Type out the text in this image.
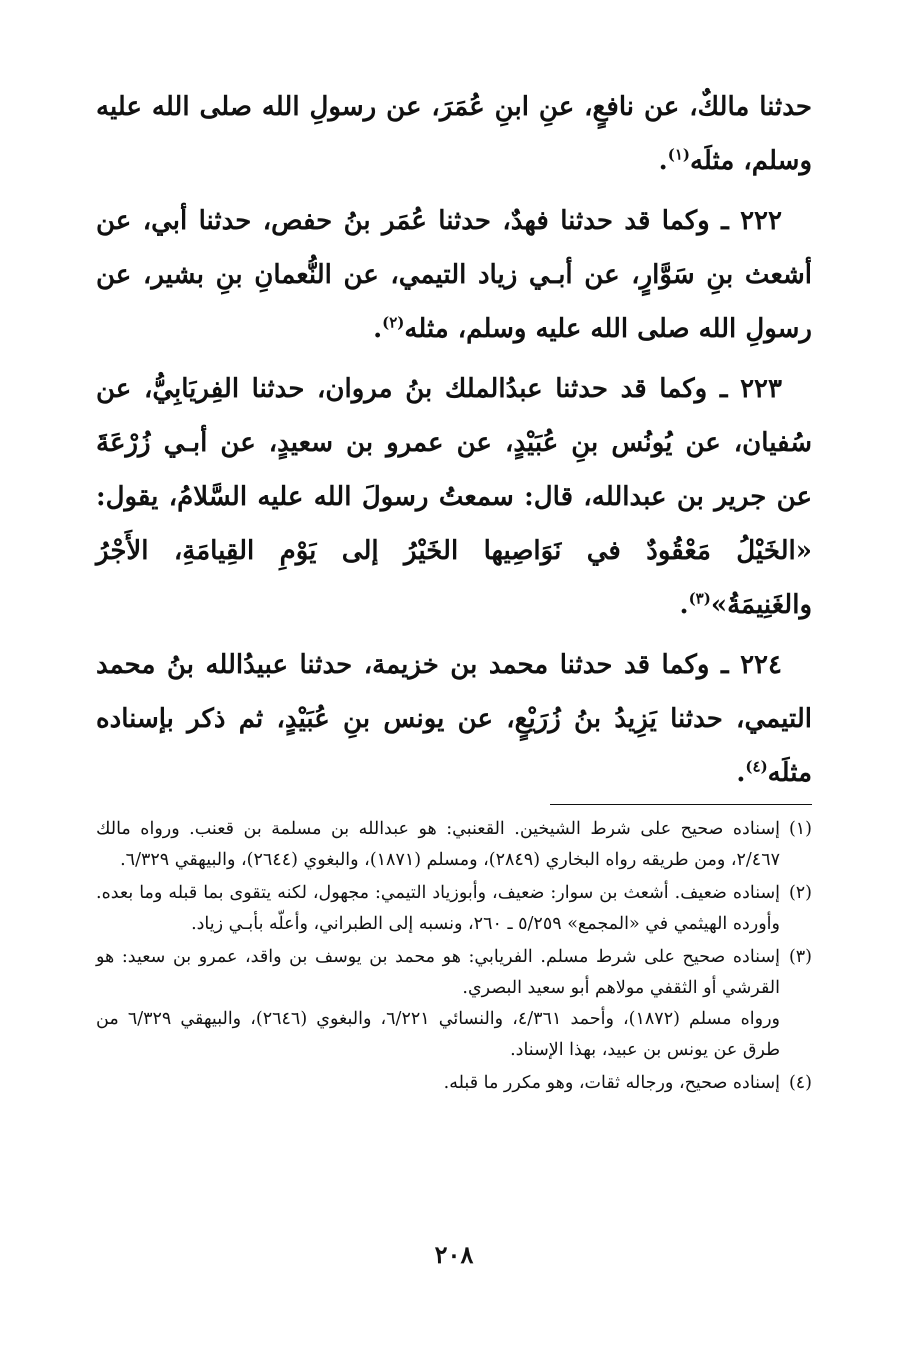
حدثنا مالكٌ، عن نافعٍ، عنِ ابنِ عُمَرَ، عن رسولِ الله صلى الله عليه وسلم، مثلَه$^{(١)}$.

٢٢٢ ـ وكما قد حدثنا فهدٌ، حدثنا عُمَر بنُ حفص، حدثنا أبي، عن أشعث بنِ سَوَّارٍ، عن أبـي زياد التيمي، عن النُّعمانِ بنِ بشير، عن رسولِ الله صلى الله عليه وسلم، مثله$^{(٢)}$.

٢٢٣ ـ وكما قد حدثنا عبدُالملك بنُ مروان، حدثنا الفِريَابِيُّ، عن سُفيان، عن يُونُس بنِ عُبَيْدٍ، عن عمرو بن سعيدٍ، عن أبـي زُرْعَةَ عن جرير بن عبدالله، قال: سمعتُ رسولَ الله عليه السَّلامُ، يقول: «الخَيْلُ مَعْقُودٌ في نَوَاصِيها الخَيْرُ إلى يَوْمِ القِيامَةِ، الأَجْرُ والغَنِيمَةُ»$^{(٣)}$.

٢٢٤ ـ وكما قد حدثنا محمد بن خزيمة، حدثنا عبيدُالله بنُ محمد التيمي، حدثنا يَزِيدُ بنُ زُرَيْعٍ، عن يونس بنِ عُبَيْدٍ، ثم ذكر بإسناده مثلَه$^{(٤)}$.

(١)

إسناده صحيح على شرط الشيخين. القعنبي: هو عبدالله بن مسلمة بن قعنب. ورواه مالك ٢/٤٦٧، ومن طريقه رواه البخاري (٢٨٤٩)، ومسلم (١٨٧١)، والبغوي (٢٦٤٤)، والبيهقي ٦/٣٢٩.

(٢)

إسناده ضعيف. أشعث بن سوار: ضعيف، وأبوزياد التيمي: مجهول، لكنه يتقوى بما قبله وما بعده. وأورده الهيثمي في «المجمع» ٥/٢٥٩ ـ ٢٦٠، ونسبه إلى الطبراني، وأعلّه بأبـي زياد.

(٣)

إسناده صحيح على شرط مسلم. الفريابي: هو محمد بن يوسف بن واقد، عمرو بن سعيد: هو القرشي أو الثقفي مولاهم أبو سعيد البصري.

ورواه مسلم (١٨٧٢)، وأحمد ٤/٣٦١، والنسائي ٦/٢٢١، والبغوي (٢٦٤٦)، والبيهقي ٦/٣٢٩ من طرق عن يونس بن عبيد، بهذا الإسناد.

(٤)

إسناده صحيح، ورجاله ثقات، وهو مكرر ما قبله.

٢٠٨
